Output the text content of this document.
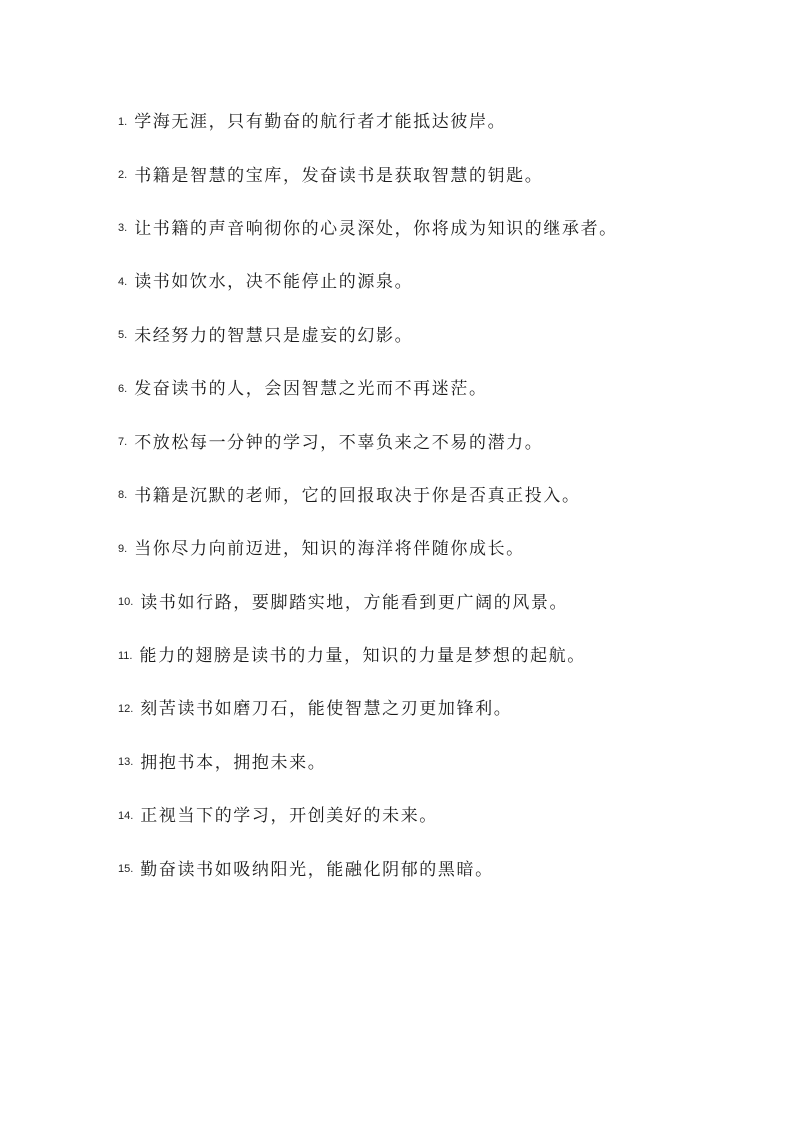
1. 学海无涯，只有勤奋的航行者才能抵达彼岸。
2. 书籍是智慧的宝库，发奋读书是获取智慧的钥匙。
3. 让书籍的声音响彻你的心灵深处，你将成为知识的继承者。
4. 读书如饮水，决不能停止的源泉。
5. 未经努力的智慧只是虚妄的幻影。
6. 发奋读书的人，会因智慧之光而不再迷茫。
7. 不放松每一分钟的学习，不辜负来之不易的潜力。
8. 书籍是沉默的老师，它的回报取决于你是否真正投入。
9. 当你尽力向前迈进，知识的海洋将伴随你成长。
10. 读书如行路，要脚踏实地，方能看到更广阔的风景。
11. 能力的翅膀是读书的力量，知识的力量是梦想的起航。
12. 刻苦读书如磨刀石，能使智慧之刃更加锋利。
13. 拥抱书本，拥抱未来。
14. 正视当下的学习，开创美好的未来。
15. 勤奋读书如吸纳阳光，能融化阴郁的黑暗。
